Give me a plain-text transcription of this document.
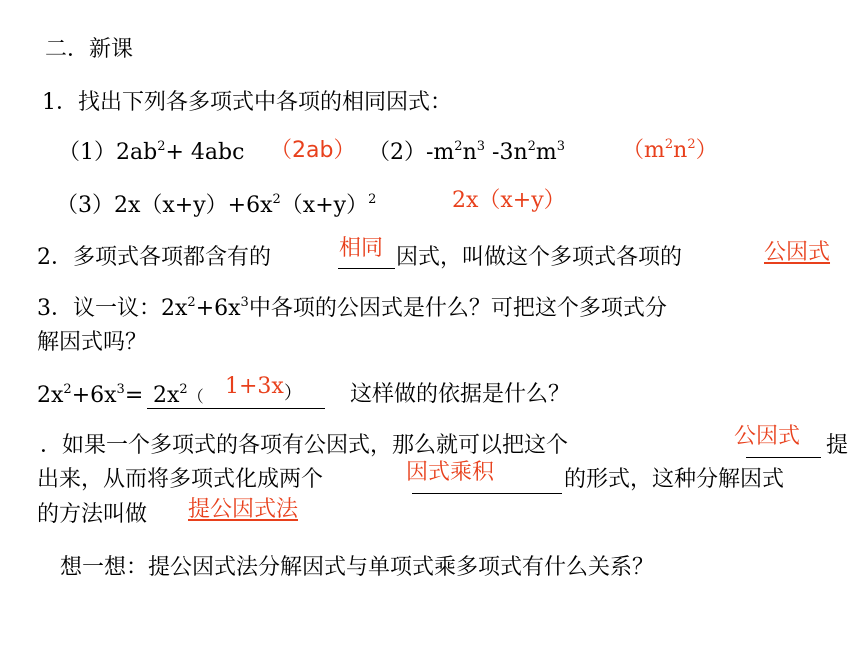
二．新课
1．找出下列各多项式中各项的相同因式：
$(1)2ab^2+ 4abc$ （2ab） $(2)-m^2n^3$ $-3n^2m^3$	$(m^2n^2)$
$(3)2x(x+y)+6x^2(x+y)^2$	2x（x+y）
2．多项式各项都含有的	相同 因式，叫做这个多项式各项的	公因式
3．议一议：$2x^2+6x^3$中各项的公因式是什么？可把这个多项式分
解因式吗？
$2x^2+6x^3= 2x^2$（ 1+3x ） 这样做的依据是什么？
．如果一个多项式的各项有公因式，那么就可以把这个	公因式 提
出来，从而将多项式化成两个	因式乘积	的形式，这种分解因式
的方法叫做 提公因式法
想一想：提公因式法分解因式与单项式乘多项式有什么关系？
